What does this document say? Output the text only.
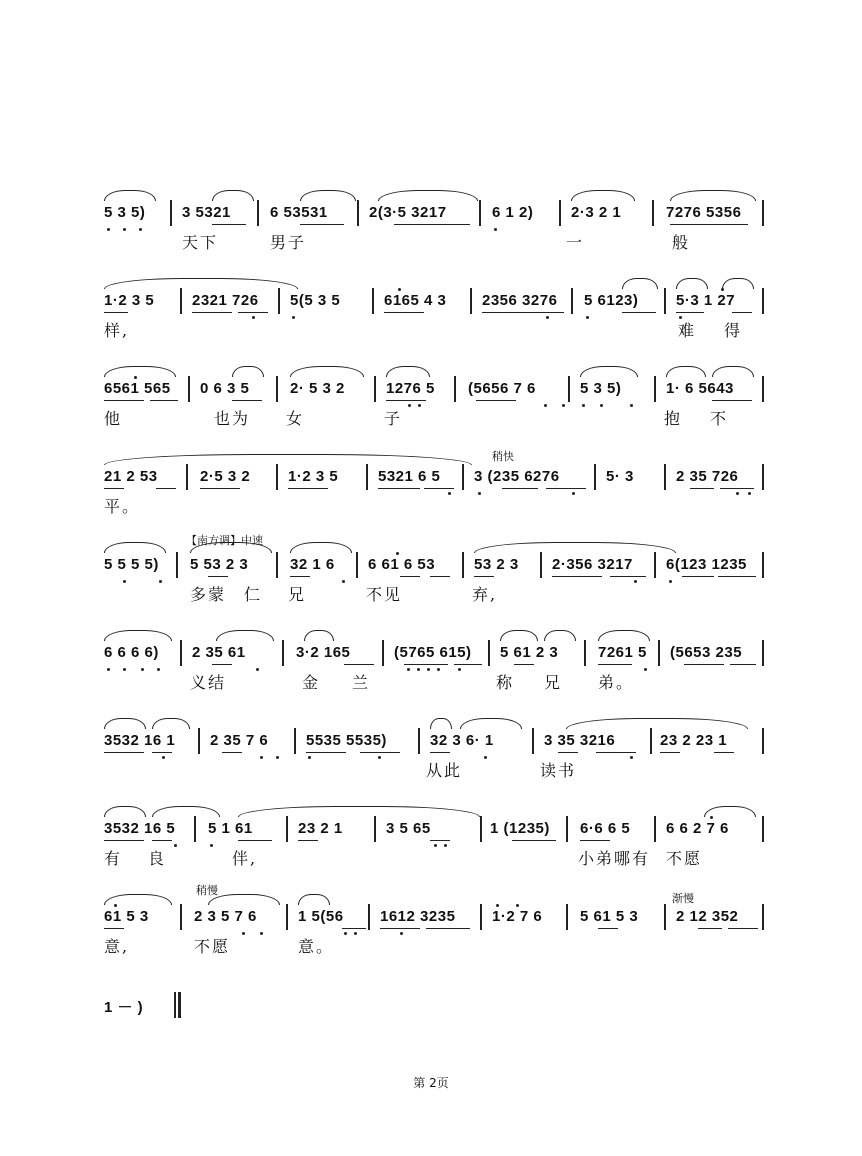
5 3 5) 3 5321	6 53531	2(3·5 3217	6 1 2)	2·3 2 1	7276 5356
天下	男子	一	般
1·2 3 5	2321 726 5(5 3 5	6165 4 3 2356 3276 5 6123)	5·3 1 27
样,	难 得
6561 565 0 6 3 5	2· 5 3 2	1276 5 (5656 7 6	5 3 5)	1· 6 5643
他	也为 女	子	抱 不
稍快
21 2 53	2·5 3 2	1·2 3 5	5321 6 5 3 (235 6276	5· 3	2 35 726
平。
【南方调】中速
5 5 5 5) 5 53 2 3	32 1 6 6 61 6 53	53 2 3 2·356 3217 6(123 1235
多蒙 仁 兄	不见	弃,
6 6 6 6) 2 35 61	3·2 165	(5765 615) 5 61 2 3	7261 5 (5653 235
义结	金 兰	称 兄 弟。
3532 16 1 2 35 7 6	5535 5535)	32 3 6· 1	3 35 3216	23 2 23 1
从此	读书
3532 16 5 5 1 61	23 2 1	3 5 65	1 (1235) 6·6 6 5 6 6 2 7 6
有 良	伴,	小弟哪有 不愿
稍慢
渐慢
61 5 3	2 3 5 7 6	1 5(56 1612 3235 1·2 7 6	5 61 5 3	2 12 352
意,	不愿	意。
1 － )
第 2页
